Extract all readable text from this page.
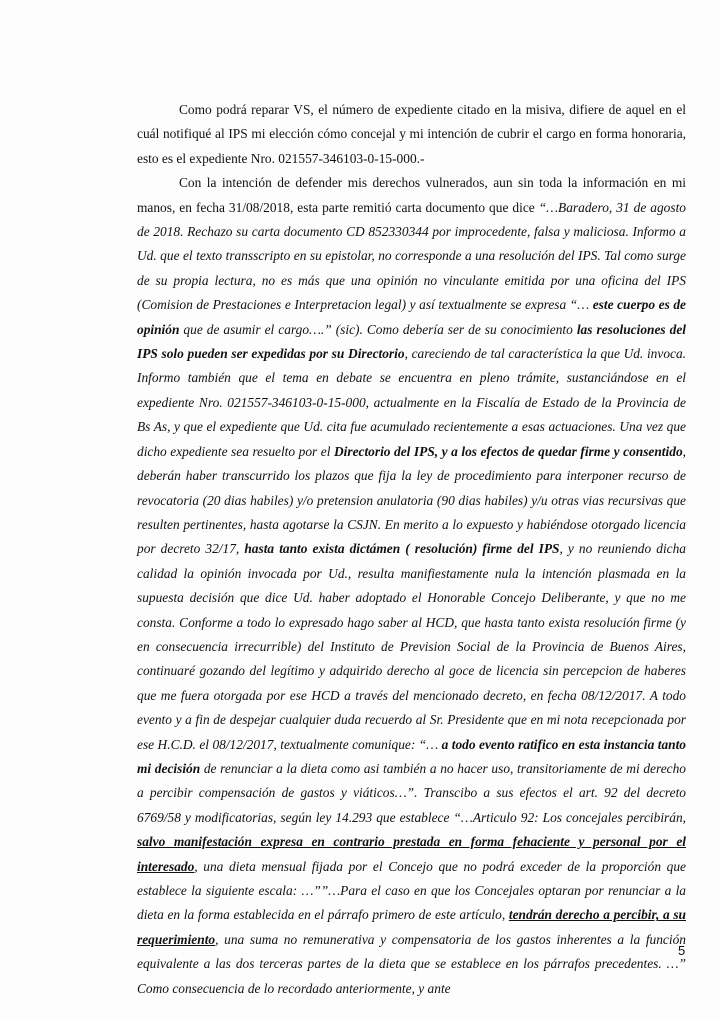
Como podrá reparar VS, el número de expediente citado en la misiva, difiere de aquel en el cuál notifiqué al IPS mi elección cómo concejal y mi intención de cubrir el cargo en forma honoraria, esto es el expediente Nro. 021557-346103-0-15-000.-

Con la intención de defender mis derechos vulnerados, aun sin toda la información en mi manos, en fecha 31/08/2018, esta parte remitió carta documento que dice “…Baradero, 31 de agosto de 2018. Rechazo su carta documento CD 852330344 por improcedente, falsa y maliciosa. Informo a Ud. que el texto transscripto en su epistolar, no corresponde a una resolución del IPS. Tal como surge de su propia lectura, no es más que una opinión no vinculante emitida por una oficina del IPS (Comision de Prestaciones e Interpretacion legal) y así textualmente se expresa “… este cuerpo es de opinión que de asumir el cargo….” (sic). Como debería ser de su conocimiento las resoluciones del IPS solo pueden ser expedidas por su Directorio, careciendo de tal característica la que Ud. invoca. Informo también que el tema en debate se encuentra en pleno trámite, sustanciándose en el expediente Nro. 021557-346103-0-15-000, actualmente en la Fiscalía de Estado de la Provincia de Bs As, y que el expediente que Ud. cita fue acumulado recientemente a esas actuaciones. Una vez que dicho expediente sea resuelto por el Directorio del IPS, y a los efectos de quedar firme y consentido, deberán haber transcurrido los plazos que fija la ley de procedimiento para interponer recurso de revocatoria (20 dias habiles) y/o pretension anulatoria (90 dias habiles) y/u otras vias recursivas que resulten pertinentes, hasta agotarse la CSJN. En merito a lo expuesto y habiéndose otorgado licencia por decreto 32/17, hasta tanto exista dictámen ( resolución) firme del IPS, y no reuniendo dicha calidad la opinión invocada por Ud., resulta manifiestamente nula la intención plasmada en la supuesta decisión que dice Ud. haber adoptado el Honorable Concejo Deliberante, y que no me consta. Conforme a todo lo expresado hago saber al HCD, que hasta tanto exista resolución firme (y en consecuencia irrecurrible) del Instituto de Prevision Social de la Provincia de Buenos Aires, continuaré gozando del legítimo y adquirido derecho al goce de licencia sin percepcion de haberes que me fuera otorgada por ese HCD a través del mencionado decreto, en fecha 08/12/2017. A todo evento y a fin de despejar cualquier duda recuerdo al Sr. Presidente que en mi nota recepcionada por ese H.C.D. el 08/12/2017, textualmente comunique: “… a todo evento ratifico en esta instancia tanto mi decisión de renunciar a la dieta como asi también a no hacer uso, transitoriamente de mi derecho a percibir compensación de gastos y viáticos…”. Transcibo a sus efectos el art. 92 del decreto 6769/58 y modificatorias, según ley 14.293 que establece “…Articulo 92: Los concejales percibirán, salvo manifestación expresa en contrario prestada en forma fehaciente y personal por el interesado, una dieta mensual fijada por el Concejo que no podrá exceder de la proporción que establece la siguiente escala: …””…Para el caso en que los Concejales optaran por renunciar a la dieta en la forma establecida en el párrafo primero de este artículo, tendrán derecho a percibir, a su requerimiento, una suma no remunerativa y compensatoria de los gastos inherentes a la función equivalente a las dos terceras partes de la dieta que se establece en los párrafos precedentes. …” Como consecuencia de lo recordado anteriormente, y ante

5
